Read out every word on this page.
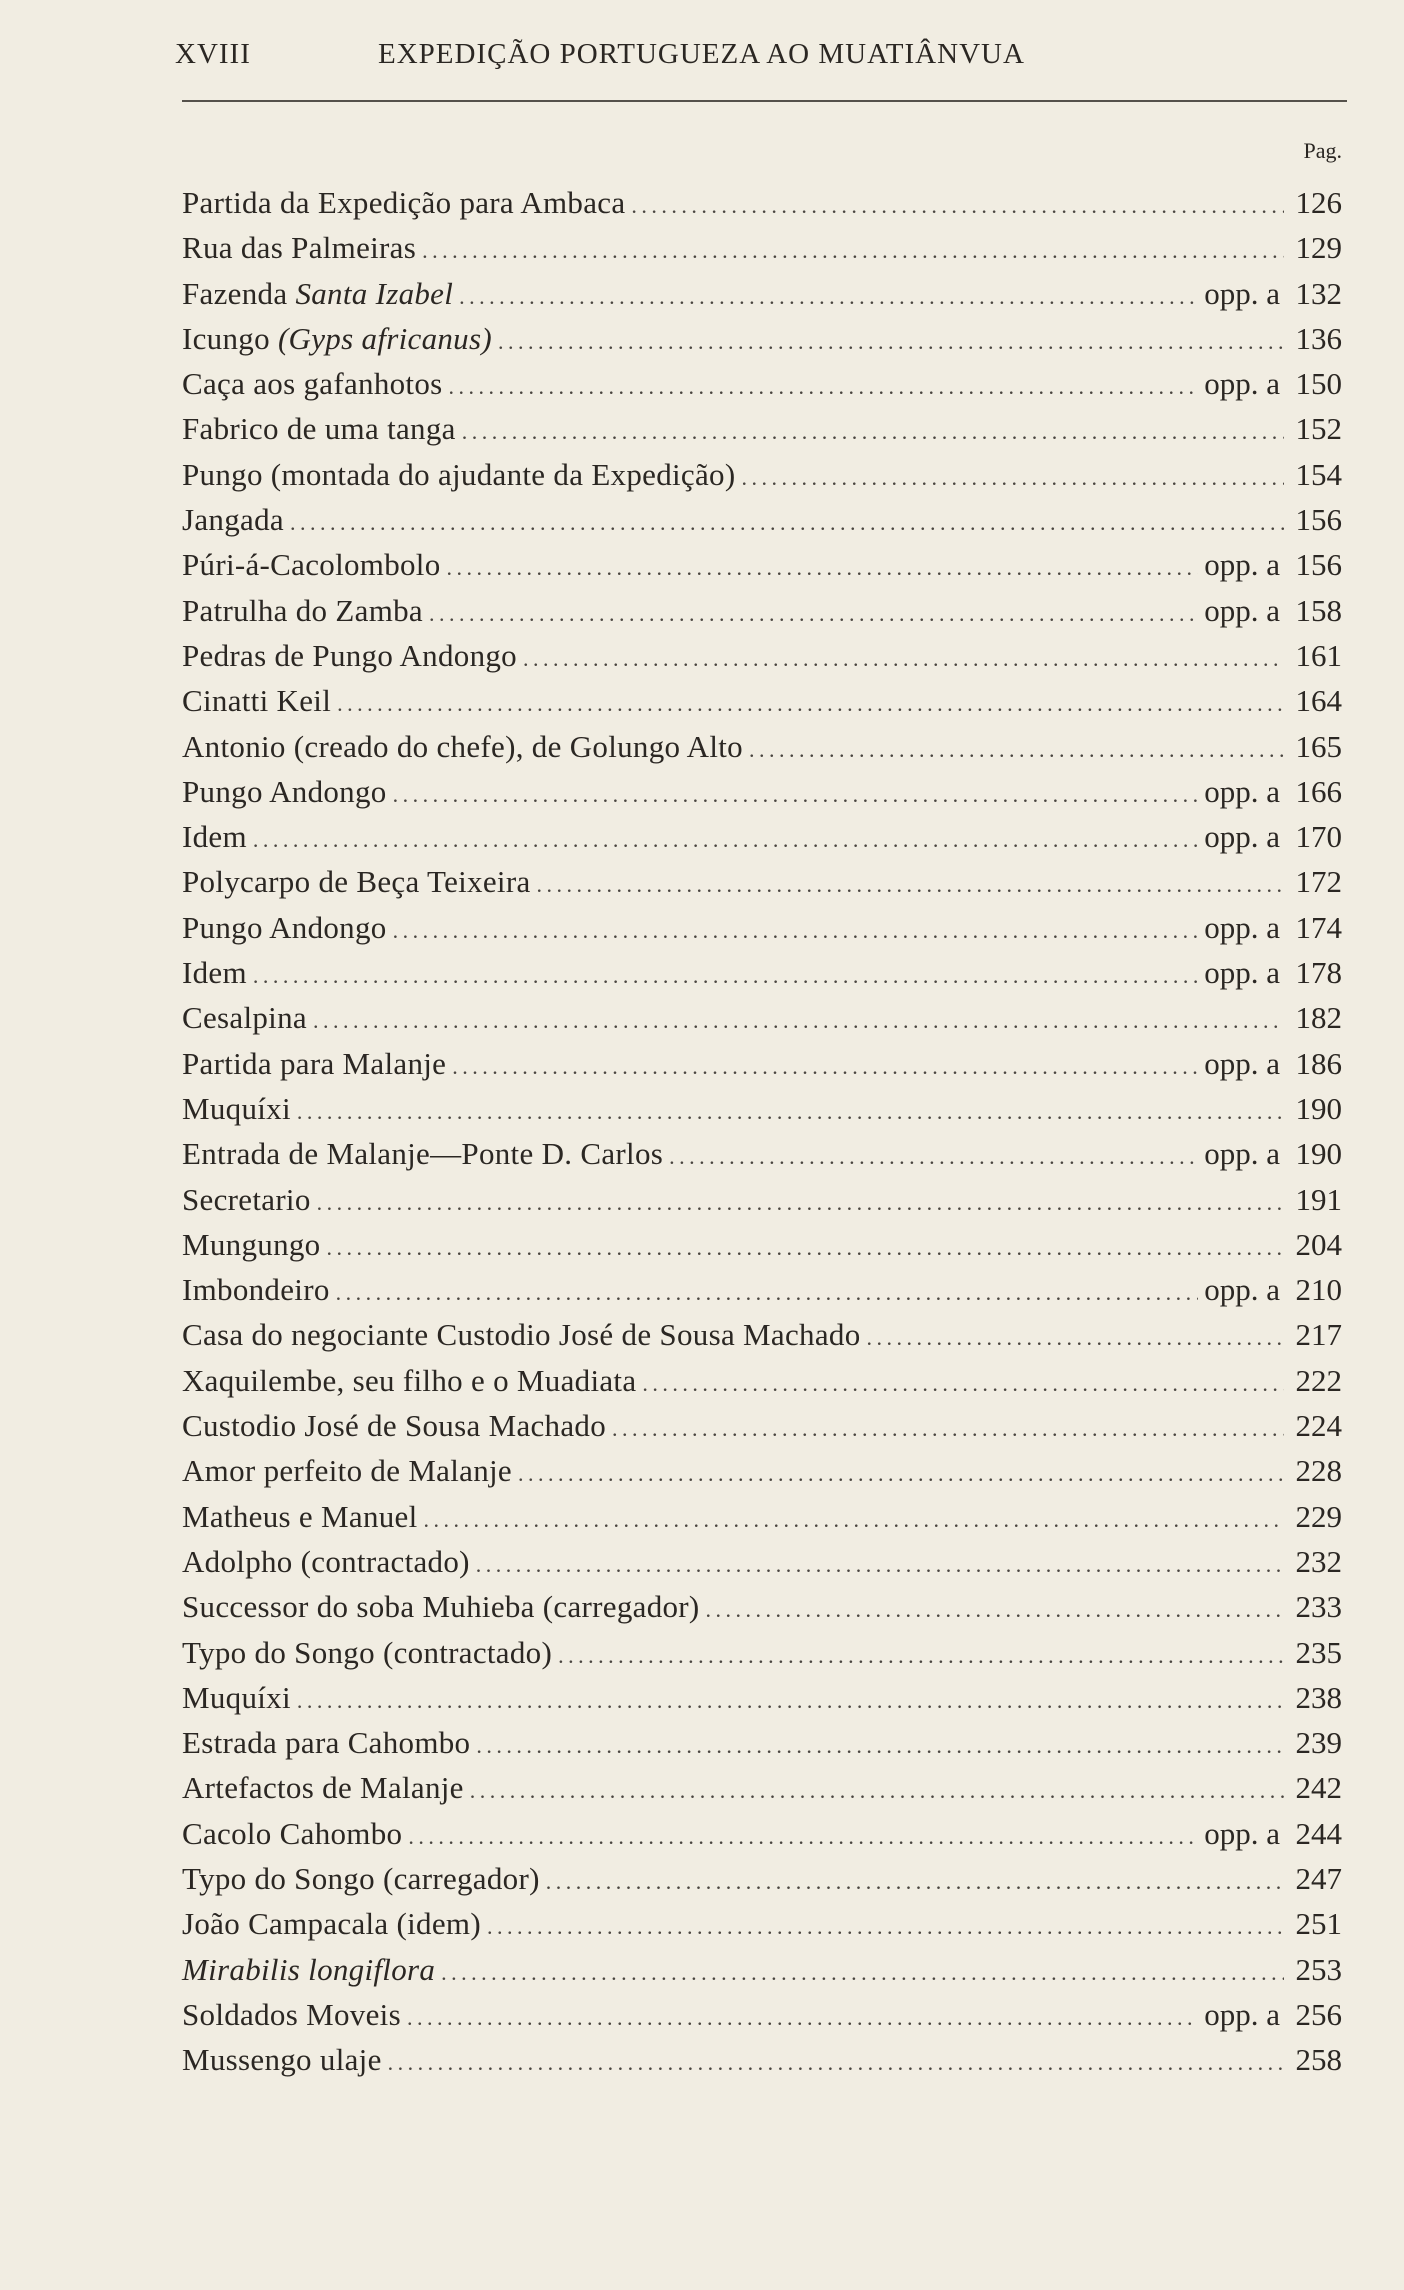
XVIII	EXPEDIÇÃO PORTUGUEZA AO MUATIÂNVUA
Pag.
Partida da Expedição para Ambaca . . .	126
Rua das Palmeiras . . .	129
Fazenda Santa Izabel . . .	opp. a 132
Icungo (Gyps africanus) . . .	136
Caça aos gafanhotos . . .	opp. a 150
Fabrico de uma tanga . . .	152
Pungo (montada do ajudante da Expedição) . . .	154
Jangada . . .	156
Púri-á-Cacolombolo . . .	opp. a 156
Patrulha do Zamba . . .	opp. a 158
Pedras de Pungo Andongo . . .	161
Cinatti Keil . . .	164
Antonio (creado do chefe), de Golungo Alto . . .	165
Pungo Andongo . . .	opp. a 166
Idem . . .	opp. a 170
Polycarpo de Beça Teixeira . . .	172
Pungo Andongo . . .	opp. a 174
Idem . . .	opp. a 178
Cesalpina . . .	182
Partida para Malanje . . .	opp. a 186
Muquíxi . . .	190
Entrada de Malanje—Ponte D. Carlos . . .	opp. a 190
Secretario . . .	191
Mungungo . . .	204
Imbondeiro . . .	opp. a 210
Casa do negociante Custodio José de Sousa Machado . . .	217
Xaquilembe, seu filho e o Muadiata . . .	222
Custodio José de Sousa Machado . . .	224
Amor perfeito de Malanje . . .	228
Matheus e Manuel . . .	229
Adolpho (contractado) . . .	232
Successor do soba Muhieba (carregador) . . .	233
Typo do Songo (contractado) . . .	235
Muquíxi . . .	238
Estrada para Cahombo . . .	239
Artefactos de Malanje . . .	242
Cacolo Cahombo . . .	opp. a 244
Typo do Songo (carregador) . . .	247
João Campacala (idem) . . .	251
Mirabilis longiflora . . .	253
Soldados Moveis . . .	opp. a 256
Mussengo ulaje . . .	258
